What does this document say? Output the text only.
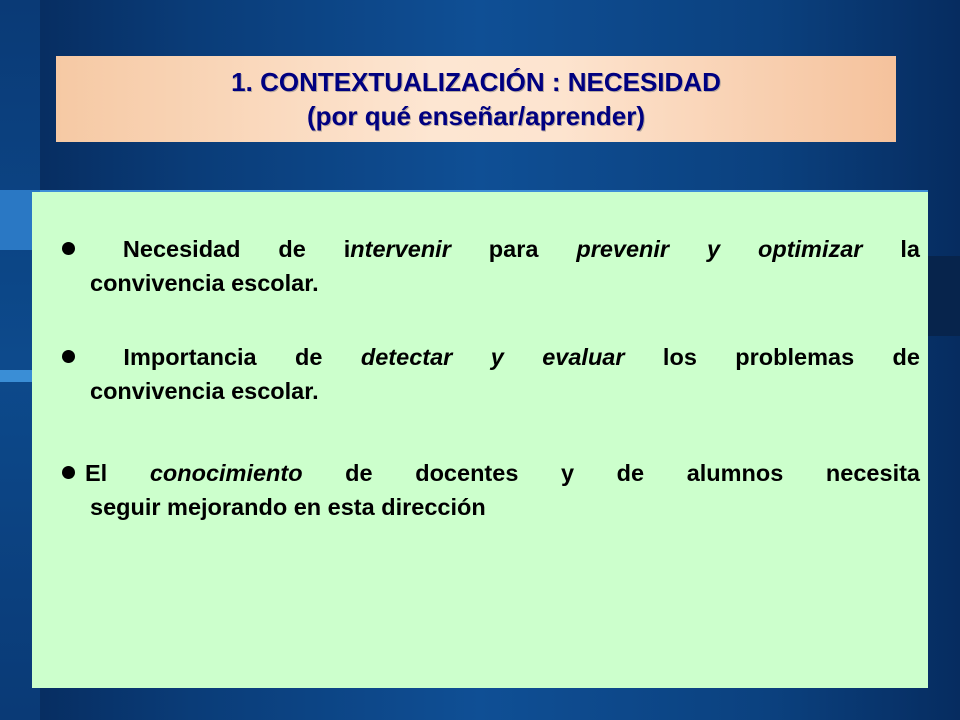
1. CONTEXTUALIZACIÓN : NECESIDAD
(por qué enseñar/aprender)
Necesidad de intervenir para prevenir y optimizar la
convivencia escolar.
Importancia de detectar y evaluar los problemas de
convivencia escolar.
El conocimiento de docentes y de alumnos necesita
seguir mejorando en esta dirección
